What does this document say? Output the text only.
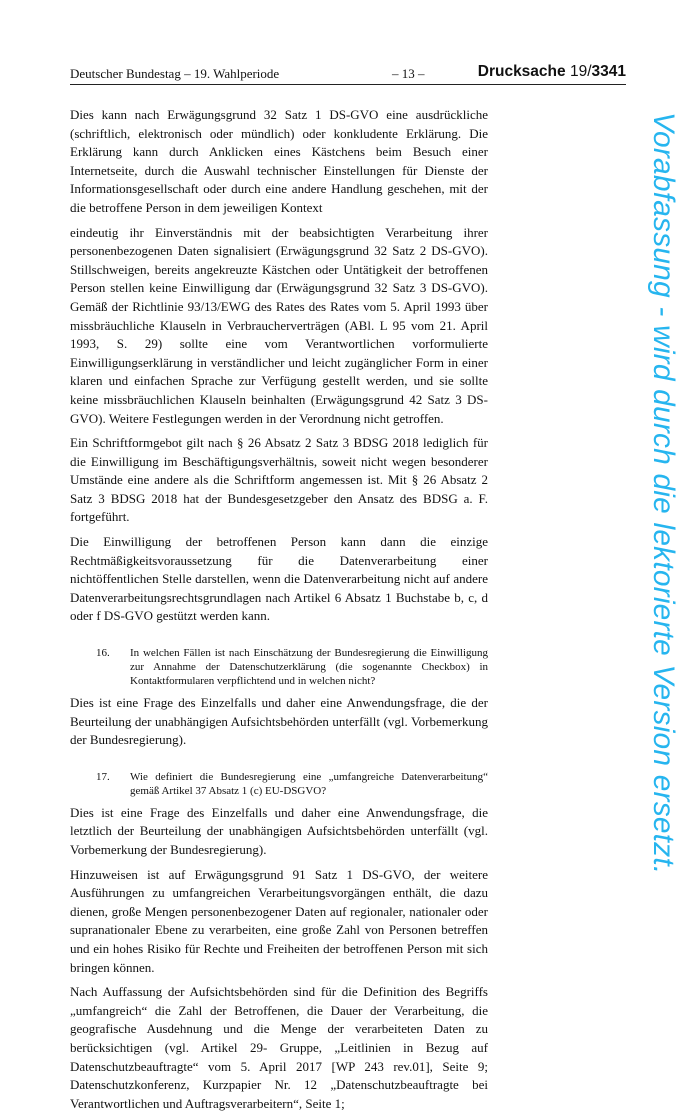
Deutscher Bundestag – 19. Wahlperiode	– 13 –	Drucksache 19/3341

Dies kann nach Erwägungsgrund 32 Satz 1 DS-GVO eine ausdrückliche (schriftlich, elektronisch oder mündlich) oder konkludente Erklärung. Die Erklärung kann durch Anklicken eines Kästchens beim Besuch einer Internetseite, durch die Auswahl technischer Einstellungen für Dienste der Informationsgesellschaft oder durch eine andere Handlung geschehen, mit der die betroffene Person in dem jeweiligen Kontext

eindeutig ihr Einverständnis mit der beabsichtigten Verarbeitung ihrer personenbezogenen Daten signalisiert (Erwägungsgrund 32 Satz 2 DS-GVO). Stillschweigen, bereits angekreuzte Kästchen oder Untätigkeit der betroffenen Person stellen keine Einwilligung dar (Erwägungsgrund 32 Satz 3 DS-GVO). Gemäß der Richtlinie 93/13/EWG des Rates des Rates vom 5. April 1993 über missbräuchliche Klauseln in Verbraucherverträgen (ABl. L 95 vom 21. April 1993, S. 29) sollte eine vom Verantwortlichen vorformulierte Einwilligungserklärung in verständlicher und leicht zugänglicher Form in einer klaren und einfachen Sprache zur Verfügung gestellt werden, und sie sollte keine missbräuchlichen Klauseln beinhalten (Erwägungsgrund 42 Satz 3 DS-GVO). Weitere Festlegungen werden in der Verordnung nicht getroffen.

Ein Schriftformgebot gilt nach § 26 Absatz 2 Satz 3 BDSG 2018 lediglich für die Einwilligung im Beschäftigungsverhältnis, soweit nicht wegen besonderer Umstände eine andere als die Schriftform angemessen ist. Mit § 26 Absatz 2 Satz 3 BDSG 2018 hat der Bundesgesetzgeber den Ansatz des BDSG a. F. fortgeführt.

Die Einwilligung der betroffenen Person kann dann die einzige Rechtmäßigkeitsvoraussetzung für die Datenverarbeitung einer nichtöffentlichen Stelle darstellen, wenn die Datenverarbeitung nicht auf andere Datenverarbeitungsrechtsgrundlagen nach Artikel 6 Absatz 1 Buchstabe b, c, d oder f DS-GVO gestützt werden kann.

16. In welchen Fällen ist nach Einschätzung der Bundesregierung die Einwilligung zur Annahme der Datenschutzerklärung (die sogenannte Checkbox) in Kontaktformularen verpflichtend und in welchen nicht?

Dies ist eine Frage des Einzelfalls und daher eine Anwendungsfrage, die der Beurteilung der unabhängigen Aufsichtsbehörden unterfällt (vgl. Vorbemerkung der Bundesregierung).

17. Wie definiert die Bundesregierung eine „umfangreiche Datenverarbeitung“ gemäß Artikel 37 Absatz 1 (c) EU-DSGVO?

Dies ist eine Frage des Einzelfalls und daher eine Anwendungsfrage, die letztlich der Beurteilung der unabhängigen Aufsichtsbehörden unterfällt (vgl. Vorbemerkung der Bundesregierung).

Hinzuweisen ist auf Erwägungsgrund 91 Satz 1 DS-GVO, der weitere Ausführungen zu umfangreichen Verarbeitungsvorgängen enthält, die dazu dienen, große Mengen personenbezogener Daten auf regionaler, nationaler oder supranationaler Ebene zu verarbeiten, eine große Zahl von Personen betreffen und ein hohes Risiko für Rechte und Freiheiten der betroffenen Person mit sich bringen können.

Nach Auffassung der Aufsichtsbehörden sind für die Definition des Begriffs „umfangreich“ die Zahl der Betroffenen, die Dauer der Verarbeitung, die geografische Ausdehnung und die Menge der verarbeiteten Daten zu berücksichtigen (vgl. Artikel 29- Gruppe, „Leitlinien in Bezug auf Datenschutzbeauftragte“ vom 5. April 2017 [WP 243 rev.01], Seite 9; Datenschutzkonferenz, Kurzpapier Nr. 12 „Datenschutzbeauftragte bei Verantwortlichen und Auftragsverarbeitern“, Seite 1;

Vorabfassung - wird durch die lektorierte Version ersetzt.
